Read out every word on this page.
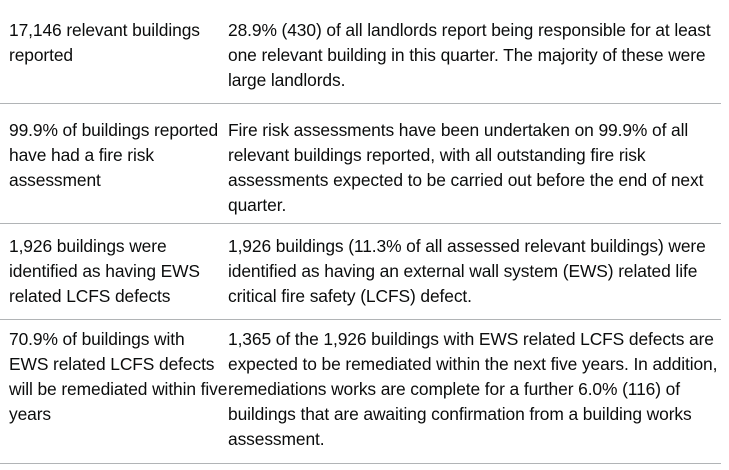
17,146 relevant buildings reported
28.9% (430) of all landlords report being responsible for at least one relevant building in this quarter. The majority of these were large landlords.
99.9% of buildings reported have had a fire risk assessment
Fire risk assessments have been undertaken on 99.9% of all relevant buildings reported, with all outstanding fire risk assessments expected to be carried out before the end of next quarter.
1,926 buildings were identified as having EWS related LCFS defects
1,926 buildings (11.3% of all assessed relevant buildings) were identified as having an external wall system (EWS) related life critical fire safety (LCFS) defect.
70.9% of buildings with EWS related LCFS defects will be remediated within five years
1,365 of the 1,926 buildings with EWS related LCFS defects are expected to be remediated within the next five years. In addition, remediations works are complete for a further 6.0% (116) of buildings that are awaiting confirmation from a building works assessment.
